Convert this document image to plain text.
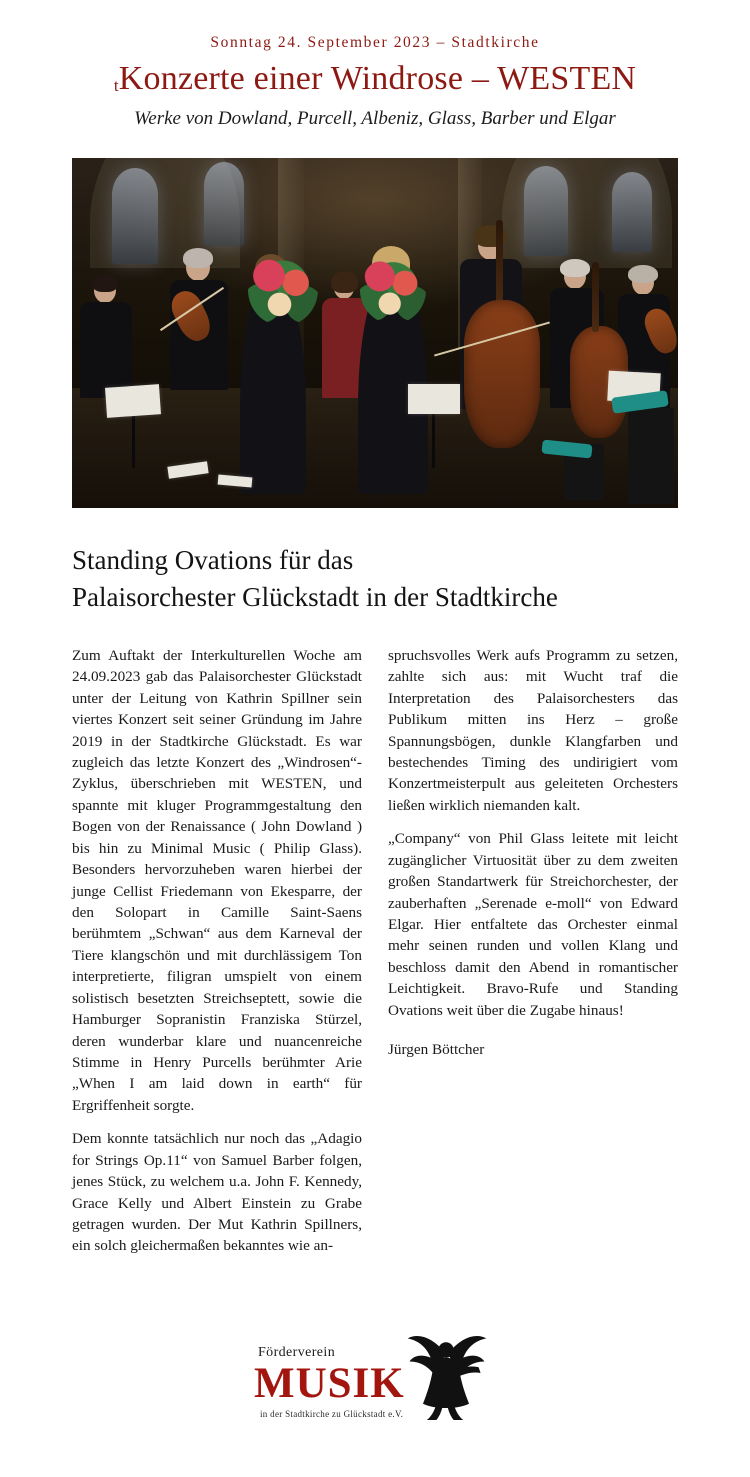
Sonntag 24. September 2023 – Stadtkirche
tKonzerte einer Windrose – WESTEN
Werke von Dowland, Purcell, Albeniz, Glass, Barber und Elgar
Standing Ovations für das
Palaisorchester Glückstadt in der Stadtkirche

Zum Auftakt der Interkulturellen Woche am 24.09.2023 gab das Palaisorchester Glückstadt unter der Leitung von Kathrin Spillner sein viertes Konzert seit seiner Gründung im Jahre 2019 in der Stadtkirche Glückstadt. Es war zugleich das letzte Konzert des „Windrosen“-Zyklus, überschrieben mit WESTEN, und spannte mit kluger Programmgestaltung den Bogen von der Renaissance ( John Dowland ) bis hin zu Minimal Music ( Philip Glass). Besonders hervorzuheben waren hierbei der junge Cellist Friedemann von Ekesparre, der den Solopart in Camille Saint-Saens berühmtem „Schwan“ aus dem Karneval der Tiere klangschön und mit durchlässigem Ton interpretierte, filigran umspielt von einem solistisch besetzten Streichseptett, sowie die Hamburger Sopranistin Franziska Stürzel, deren wunderbar klare und nuancenreiche Stimme in Henry Purcells berühmter Arie „When I am laid down in earth“ für Ergriffenheit sorgte.

Dem konnte tatsächlich nur noch das „Adagio for Strings Op.11“ von Samuel Barber folgen, jenes Stück, zu welchem u.a. John F. Kennedy, Grace Kelly und Albert Einstein zu Grabe getragen wurden. Der Mut Kathrin Spillners, ein solch gleichermaßen bekanntes wie an-

spruchsvolles Werk aufs Programm zu setzen, zahlte sich aus: mit Wucht traf die Interpretation des Palaisorchesters das Publikum mitten ins Herz – große Spannungsbögen, dunkle Klangfarben und bestechendes Timing des undirigiert vom Konzertmeisterpult aus geleiteten Orchesters ließen wirklich niemanden kalt.

„Company“ von Phil Glass leitete mit leicht zugänglicher Virtuosität über zu dem zweiten großen Standartwerk für Streichorchester, der zauberhaften „Serenade e-moll“ von Edward Elgar. Hier entfaltete das Orchester einmal mehr seinen runden und vollen Klang und beschloss damit den Abend in romantischer Leichtigkeit. Bravo-Rufe und Standing Ovations weit über die Zugabe hinaus!

Jürgen Böttcher
Förderverein
MUSIK
in der Stadtkirche zu Glückstadt e.V.
